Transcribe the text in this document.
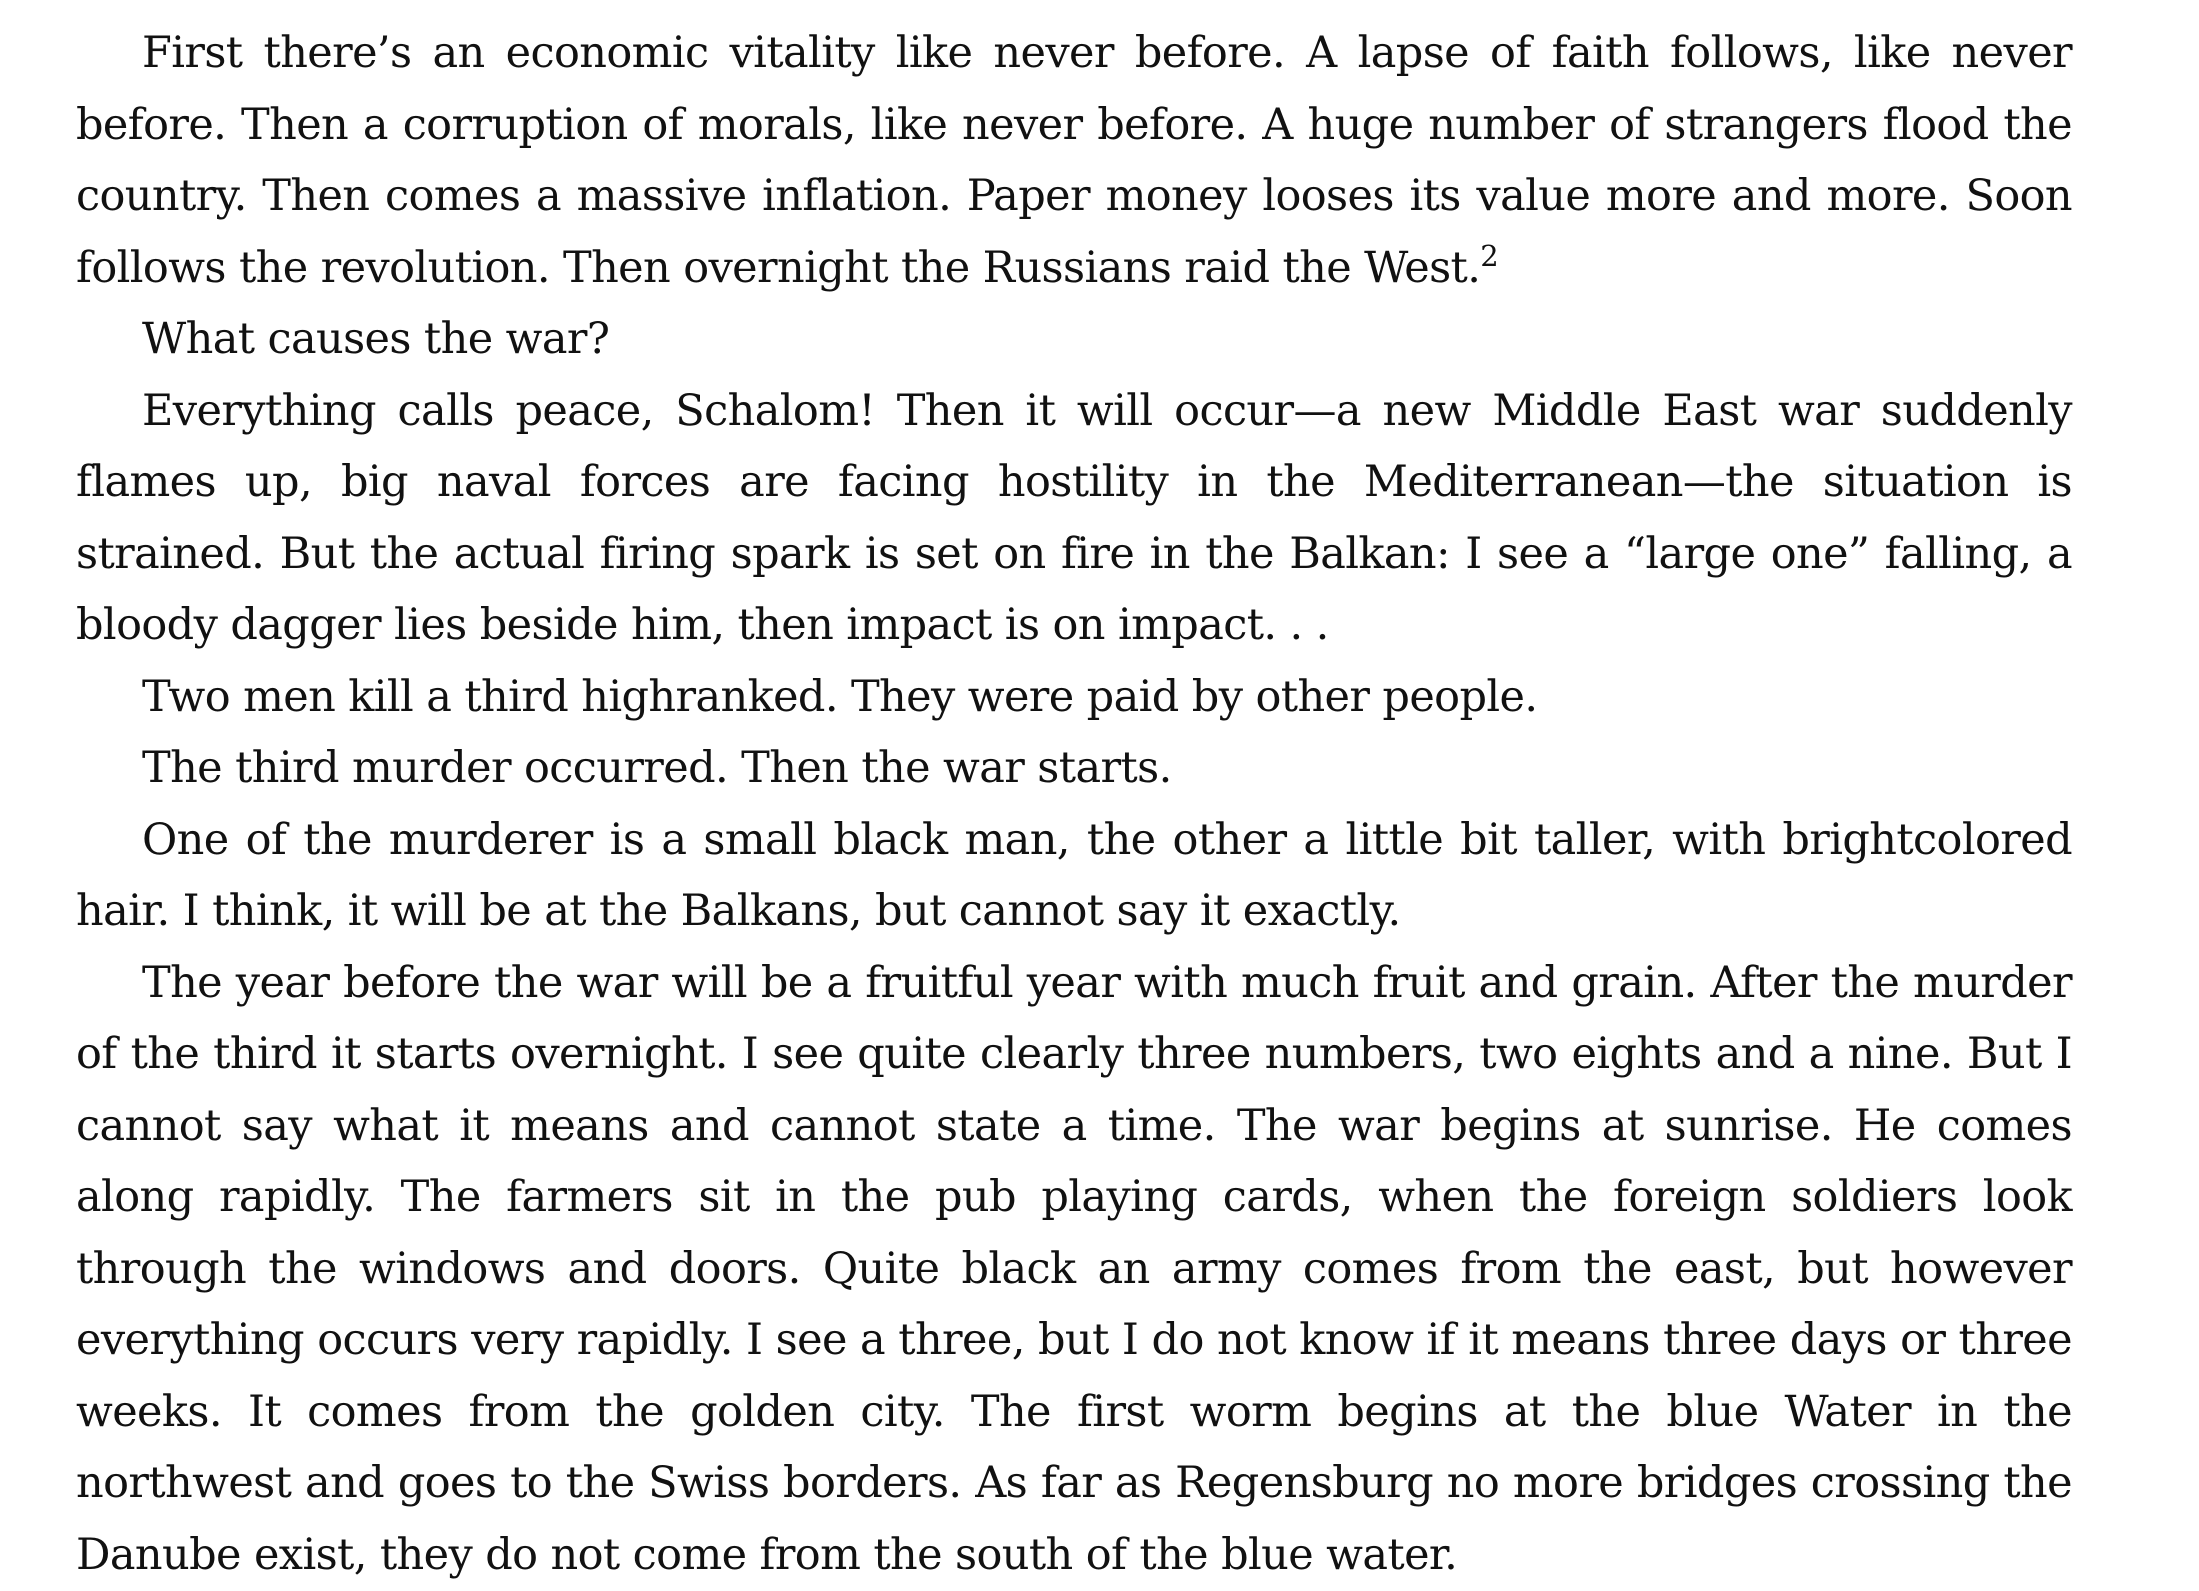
First there’s an economic vitality like never before. A lapse of faith follows, like never before. Then a corruption of morals, like never before. A huge number of strangers flood the country. Then comes a massive inflation. Paper money looses its value more and more. Soon follows the revolution. Then overnight the Russians raid the West.$^2$

What causes the war?

Everything calls peace, Schalom! Then it will occur—a new Middle East war suddenly flames up, big naval forces are facing hostility in the Mediterranean—the situation is strained. But the actual firing spark is set on fire in the Balkan: I see a “large one” falling, a bloody dagger lies beside him, then impact is on impact. . .

Two men kill a third highranked. They were paid by other people.

The third murder occurred. Then the war starts.

One of the murderer is a small black man, the other a little bit taller, with brightcolored hair. I think, it will be at the Balkans, but cannot say it exactly.

The year before the war will be a fruitful year with much fruit and grain. After the murder of the third it starts overnight. I see quite clearly three numbers, two eights and a nine. But I cannot say what it means and cannot state a time. The war begins at sunrise. He comes along rapidly. The farmers sit in the pub playing cards, when the foreign soldiers look through the windows and doors. Quite black an army comes from the east, but however everything occurs very rapidly. I see a three, but I do not know if it means three days or three weeks. It comes from the golden city. The first worm begins at the blue Water in the northwest and goes to the Swiss borders. As far as Regensburg no more bridges crossing the Danube exist, they do not come from the south of the blue water.
